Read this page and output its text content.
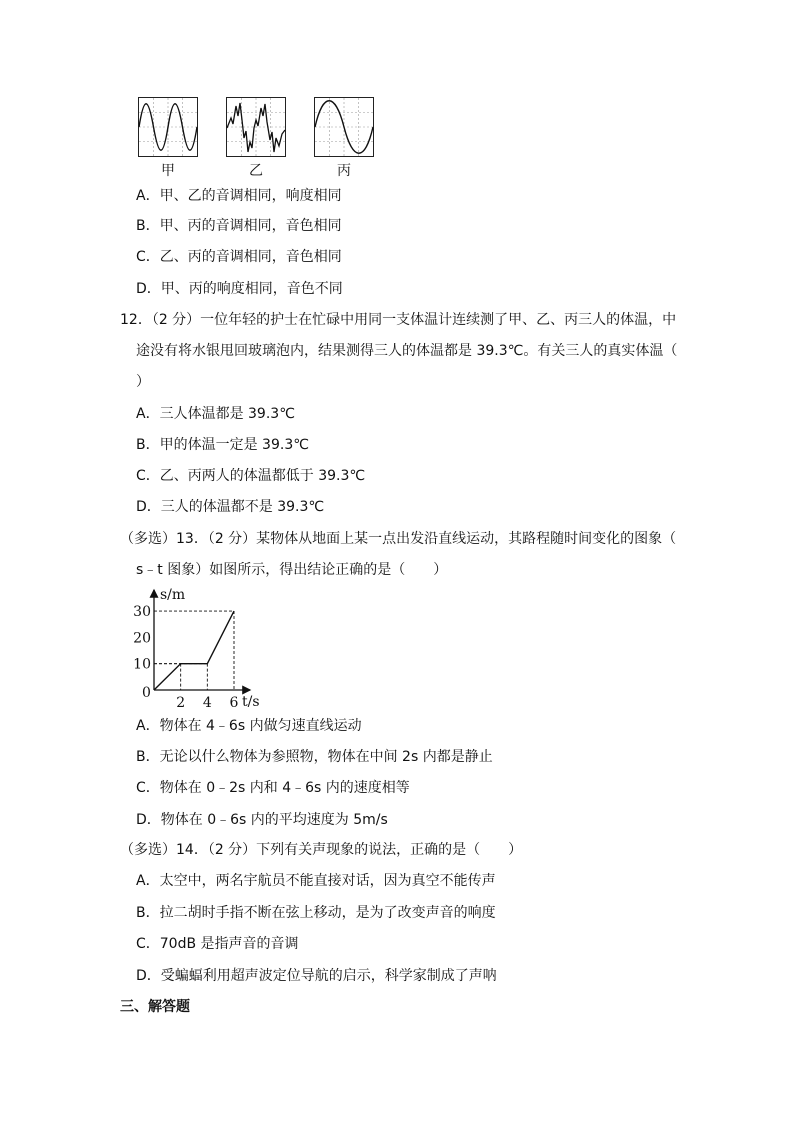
甲	乙	丙
A．甲、乙的音调相同，响度相同
B．甲、丙的音调相同，音色相同
C．乙、丙的音调相同，音色相同
D．甲、丙的响度相同，音色不同
12．（2 分）一位年轻的护士在忙碌中用同一支体温计连续测了甲、乙、丙三人的体温，中
途没有将水银甩回玻璃泡内，结果测得三人的体温都是 39.3℃。有关三人的真实体温（
）
A．三人体温都是 39.3℃
B．甲的体温一定是 39.3℃
C．乙、丙两人的体温都低于 39.3℃
D．三人的体温都不是 39.3℃
（多选）13．（2 分）某物体从地面上某一点出发沿直线运动，其路程随时间变化的图象（
s﹣t 图象）如图所示，得出结论正确的是（　　）
s/m
t/s
0
2 4 6
10
20
30
A．物体在 4﹣6s 内做匀速直线运动
B．无论以什么物体为参照物，物体在中间 2s 内都是静止
C．物体在 0﹣2s 内和 4﹣6s 内的速度相等
D．物体在 0﹣6s 内的平均速度为 5m/s
（多选）14．（2 分）下列有关声现象的说法，正确的是（　　）
A．太空中，两名宇航员不能直接对话，因为真空不能传声
B．拉二胡时手指不断在弦上移动，是为了改变声音的响度
C．70dB 是指声音的音调
D．受蝙蝠利用超声波定位导航的启示，科学家制成了声呐
三、解答题
